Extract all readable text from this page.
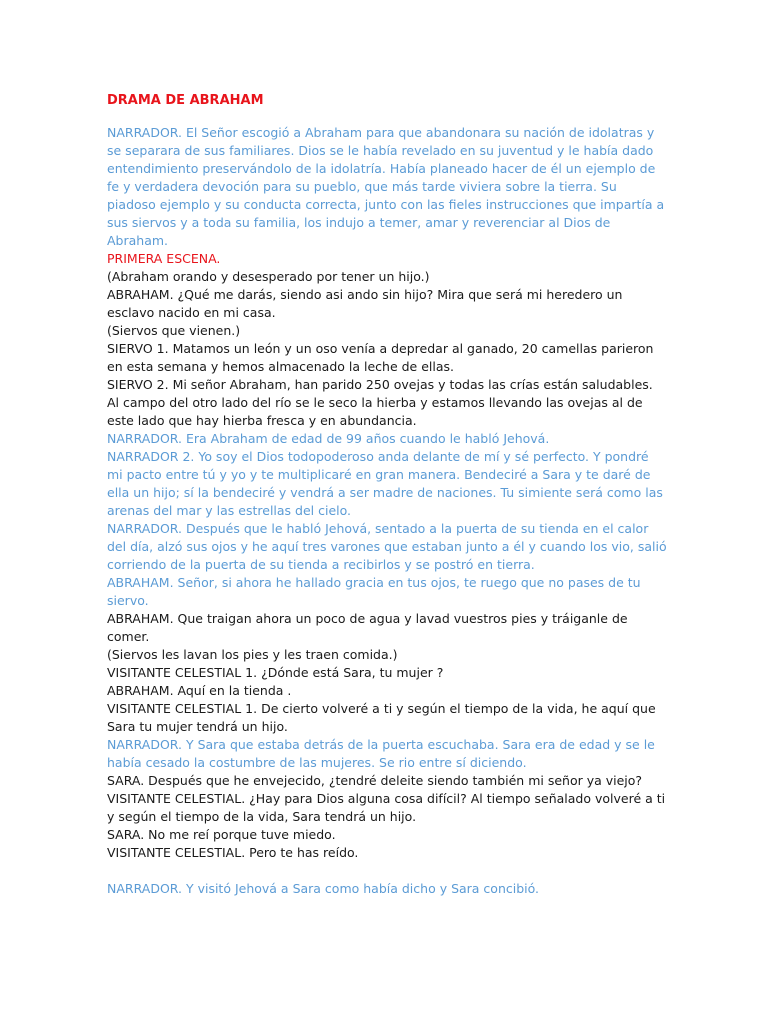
DRAMA DE ABRAHAM

NARRADOR. El Señor escogió a Abraham para que abandonara su nación de idolatras y se separara de sus familiares. Dios se le había revelado en su juventud y le había dado entendimiento preservándolo de la idolatría. Había planeado hacer de él un ejemplo de fe y verdadera devoción para su pueblo, que más tarde viviera sobre la tierra. Su piadoso ejemplo y su conducta correcta, junto con las fieles instrucciones que impartía a sus siervos y a toda su familia, los indujo a temer, amar y reverenciar al Dios de Abraham.

PRIMERA ESCENA.

(Abraham orando y desesperado por tener un hijo.)

ABRAHAM. ¿Qué me darás, siendo asi ando sin hijo? Mira que será mi heredero un esclavo nacido en mi casa.

(Siervos que vienen.)

SIERVO 1. Matamos un león y un oso venía a depredar al ganado, 20 camellas parieron en esta semana y hemos almacenado la leche de ellas.

SIERVO 2. Mi señor Abraham, han parido 250 ovejas y todas las crías están saludables. Al campo del otro lado del río se le seco la hierba y estamos llevando las ovejas al de este lado que hay hierba fresca y en abundancia.

NARRADOR. Era Abraham de edad de 99 años cuando le habló Jehová.

NARRADOR 2. Yo soy el Dios todopoderoso anda delante de mí y sé perfecto. Y pondré mi pacto entre tú y yo y te multiplicaré en gran manera. Bendeciré a Sara y te daré de ella un hijo; sí la bendeciré y vendrá a ser madre de naciones. Tu simiente será como las arenas del mar y las estrellas del cielo.

NARRADOR. Después que le habló Jehová, sentado a la puerta de su tienda en el calor del día, alzó sus ojos y he aquí tres varones que estaban junto a él y cuando los vio, salió corriendo de la puerta de su tienda a recibirlos y se postró en tierra.

ABRAHAM. Señor, si ahora he hallado gracia en tus ojos, te ruego que no pases de tu siervo.

ABRAHAM. Que traigan ahora un poco de agua y lavad vuestros pies y tráiganle de comer.

(Siervos les lavan los pies y les traen comida.)

VISITANTE CELESTIAL 1. ¿Dónde está Sara, tu mujer ?

ABRAHAM. Aquí en la tienda .

VISITANTE CELESTIAL 1. De cierto volveré a ti y según el tiempo de la vida, he aquí que Sara tu mujer tendrá un hijo.

NARRADOR. Y Sara que estaba detrás de la puerta escuchaba. Sara era de edad y se le había cesado la costumbre de las mujeres. Se rio entre sí diciendo.

SARA. Después que he envejecido, ¿tendré deleite siendo también mi señor ya viejo?

VISITANTE CELESTIAL. ¿Hay para Dios alguna cosa difícil? Al tiempo señalado volveré a ti y según el tiempo de la vida, Sara tendrá un hijo.

SARA. No me reí porque tuve miedo.

VISITANTE CELESTIAL. Pero te has reído.

NARRADOR. Y visitó Jehová a Sara como había dicho y Sara concibió.
